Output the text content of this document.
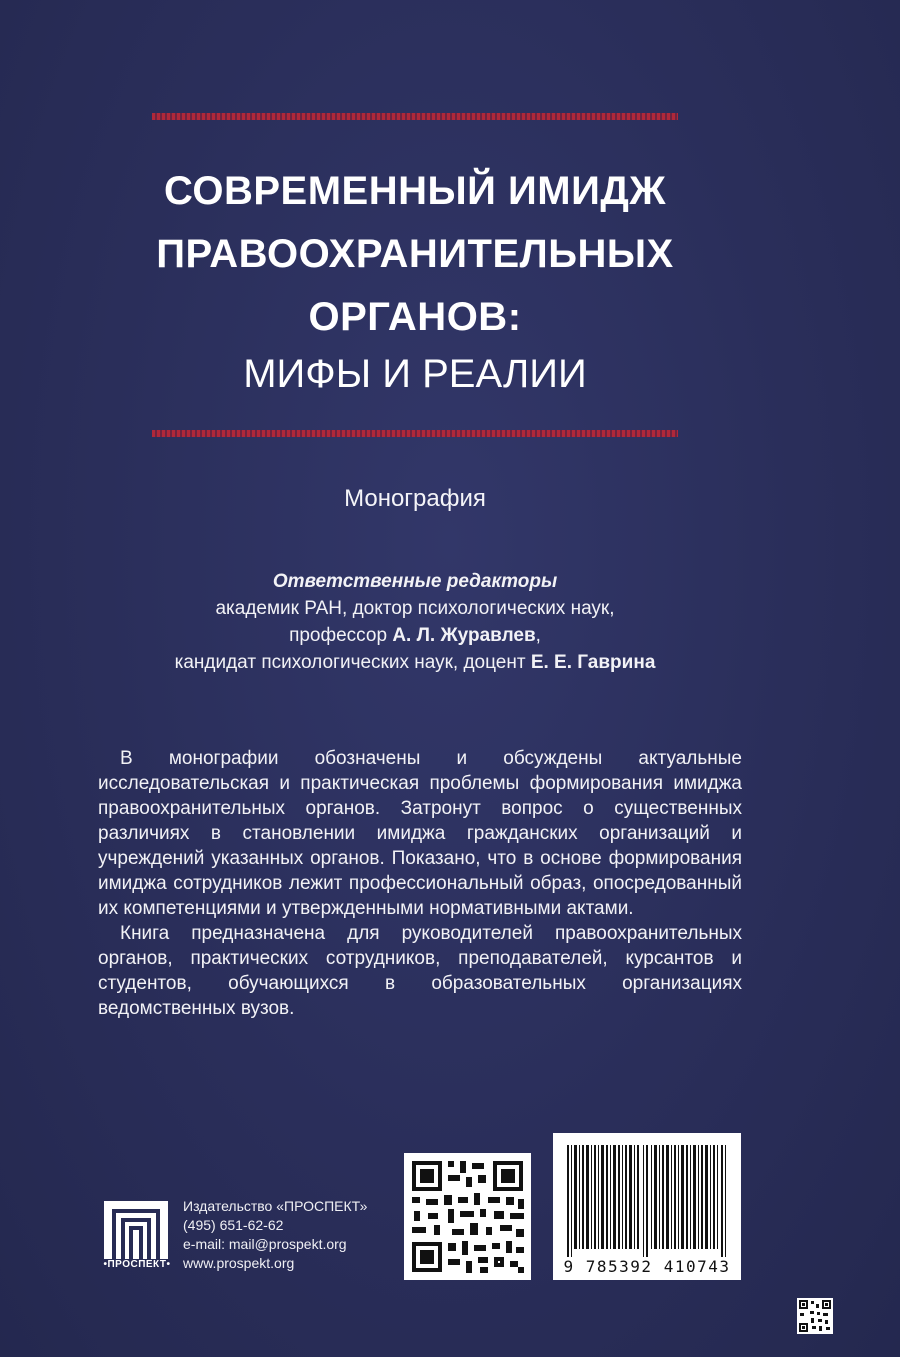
СОВРЕМЕННЫЙ ИМИДЖ
ПРАВООХРАНИТЕЛЬНЫХ
ОРГАНОВ:
МИФЫ И РЕАЛИИ
Монография
Ответственные редакторы
академик РАН, доктор психологических наук,
профессор А. Л. Журавлев,
кандидат психологических наук, доцент Е. Е. Гаврина

В монографии обозначены и обсуждены актуальные исследовательская и практическая проблемы формирования имиджа правоохранительных органов. Затронут вопрос о существенных различиях в становлении имиджа гражданских организаций и учреждений указанных органов. Показано, что в основе формирования имиджа сотрудников лежит профессиональный образ, опосредованный их компетенциями и утвержденными нормативными актами.

Книга предназначена для руководителей правоохранительных органов, практических сотрудников, преподавателей, курсантов и студентов, обучающихся в образовательных организациях ведомственных вузов.

•ПРОСПЕКТ•
Издательство «ПРОСПЕКТ»
(495) 651-62-62
e-mail: mail@prospekt.org
www.prospekt.org	9 785392 410743
